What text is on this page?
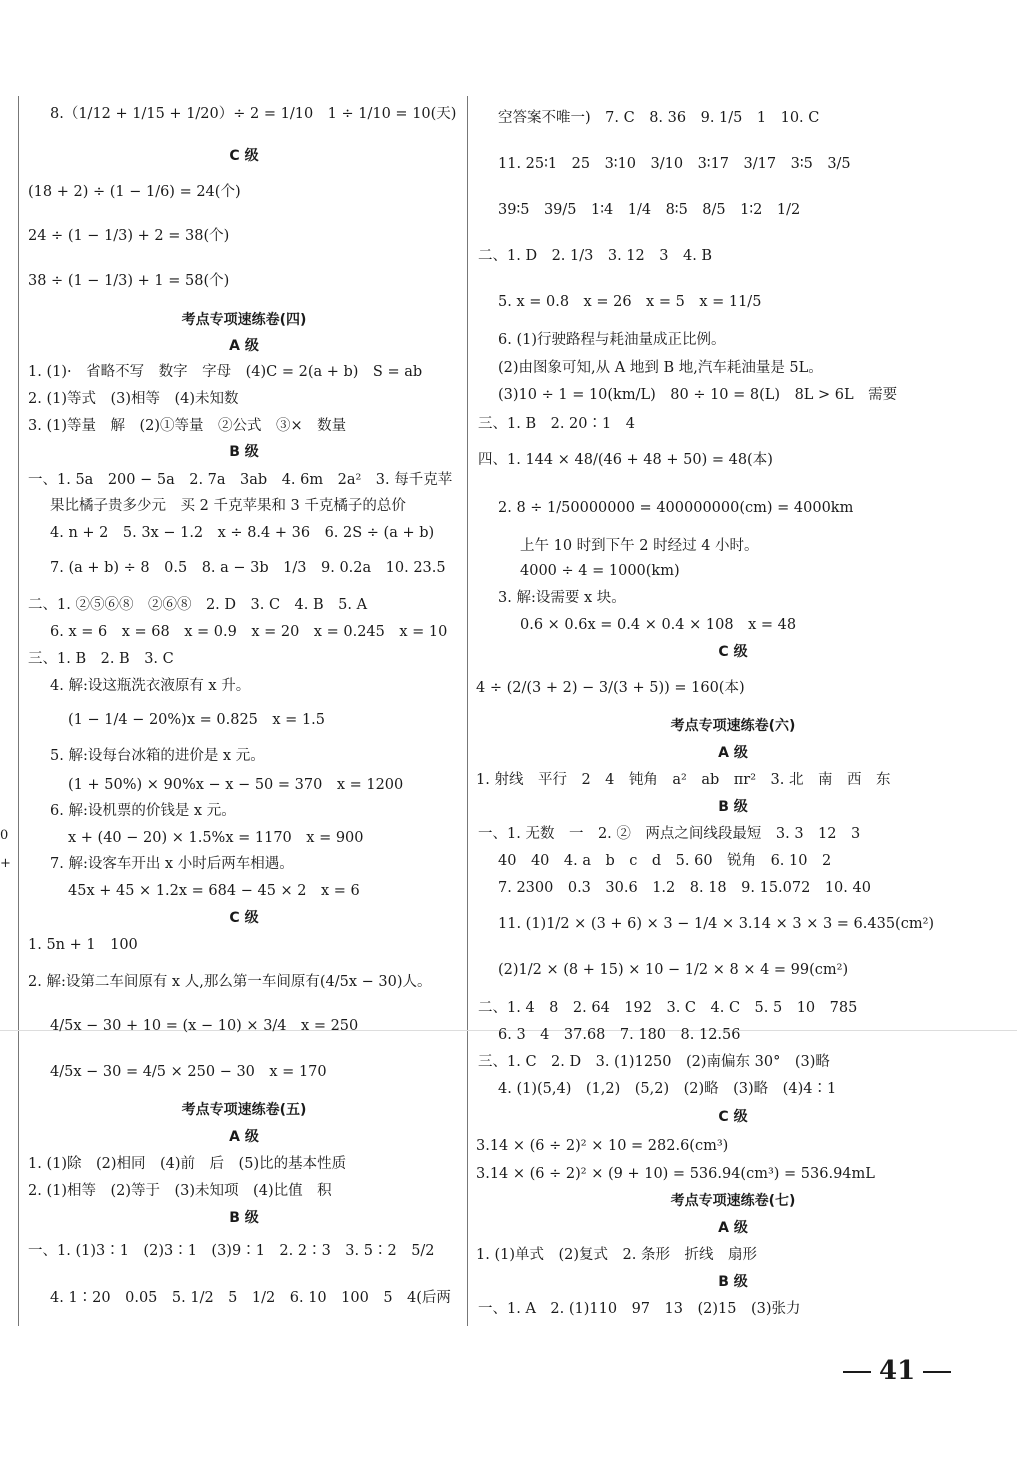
0
+
8.（1/12 + 1/15 + 1/20）÷ 2 = 1/10　1 ÷ 1/10 = 10(天)
C 级
(18 + 2) ÷ (1 − 1/6) = 24(个)
24 ÷ (1 − 1/3) + 2 = 38(个)
38 ÷ (1 − 1/3) + 1 = 58(个)
考点专项速练卷(四)
A 级
1. (1)·　省略不写　数字　字母　(4)C = 2(a + b)　S = ab
2. (1)等式　(3)相等　(4)未知数
3. (1)等量　解　(2)①等量　②公式　③×　数量
B 级
一、1. 5a　200 − 5a　2. 7a　3ab　4. 6m　2a²　3. 每千克苹
果比橘子贵多少元　买 2 千克苹果和 3 千克橘子的总价
4. n + 2　5. 3x − 1.2　x ÷ 8.4 + 36　6. 2S ÷ (a + b)
7. (a + b) ÷ 8　0.5　8. a − 3b　1/3　9. 0.2a　10. 23.5
二、1. ②⑤⑥⑧　②⑥⑧　2. D　3. C　4. B　5. A
6. x = 6　x = 68　x = 0.9　x = 20　x = 0.245　x = 10
三、1. B　2. B　3. C
4. 解:设这瓶洗衣液原有 x 升。
(1 − 1/4 − 20%)x = 0.825　x = 1.5
5. 解:设每台冰箱的进价是 x 元。
(1 + 50%) × 90%x − x − 50 = 370　x = 1200
6. 解:设机票的价钱是 x 元。
x + (40 − 20) × 1.5%x = 1170　x = 900
7. 解:设客车开出 x 小时后两车相遇。
45x + 45 × 1.2x = 684 − 45 × 2　x = 6
C 级
1. 5n + 1　100
2. 解:设第二车间原有 x 人,那么第一车间原有(4/5x − 30)人。
4/5x − 30 + 10 = (x − 10) × 3/4　x = 250
4/5x − 30 = 4/5 × 250 − 30　x = 170
考点专项速练卷(五)
A 级
1. (1)除　(2)相同　(4)前　后　(5)比的基本性质
2. (1)相等　(2)等于　(3)未知项　(4)比值　积
B 级
一、1. (1)3∶1　(2)3∶1　(3)9∶1　2. 2∶3　3. 5∶2　5/2
4. 1∶20　0.05　5. 1/2　5　1/2　6. 10　100　5　4(后两
空答案不唯一)　7. C　8. 36　9. 1/5　1　10. C
11. 25∶1　25　3∶10　3/10　3∶17　3/17　3∶5　3/5
39∶5　39/5　1∶4　1/4　8∶5　8/5　1∶2　1/2
二、1. D　2. 1/3　3. 12　3　4. B
5. x = 0.8　x = 26　x = 5　x = 11/5
6. (1)行驶路程与耗油量成正比例。
(2)由图象可知,从 A 地到 B 地,汽车耗油量是 5L。
(3)10 ÷ 1 = 10(km/L)　80 ÷ 10 = 8(L)　8L > 6L　需要
三、1. B　2. 20∶1　4
四、1. 144 × 48/(46 + 48 + 50) = 48(本)
2. 8 ÷ 1/50000000 = 400000000(cm) = 4000km
上午 10 时到下午 2 时经过 4 小时。
4000 ÷ 4 = 1000(km)
3. 解:设需要 x 块。
0.6 × 0.6x = 0.4 × 0.4 × 108　x = 48
C 级
4 ÷ (2/(3 + 2) − 3/(3 + 5)) = 160(本)
考点专项速练卷(六)
A 级
1. 射线　平行　2　4　钝角　a²　ab　πr²　3. 北　南　西　东
B 级
一、1. 无数　一　2. ②　两点之间线段最短　3. 3　12　3
40　40　4. a　b　c　d　5. 60　锐角　6. 10　2
7. 2300　0.3　30.6　1.2　8. 18　9. 15.072　10. 40
11. (1)1/2 × (3 + 6) × 3 − 1/4 × 3.14 × 3 × 3 = 6.435(cm²)
(2)1/2 × (8 + 15) × 10 − 1/2 × 8 × 4 = 99(cm²)
二、1. 4　8　2. 64　192　3. C　4. C　5. 5　10　785
6. 3　4　37.68　7. 180　8. 12.56
三、1. C　2. D　3. (1)1250　(2)南偏东 30°　(3)略
4. (1)(5,4)　(1,2)　(5,2)　(2)略　(3)略　(4)4∶1
C 级
3.14 × (6 ÷ 2)² × 10 = 282.6(cm³)
3.14 × (6 ÷ 2)² × (9 + 10) = 536.94(cm³) = 536.94mL
考点专项速练卷(七)
A 级
1. (1)单式　(2)复式　2. 条形　折线　扇形
B 级
一、1. A　2. (1)110　97　13　(2)15　(3)张力
41
